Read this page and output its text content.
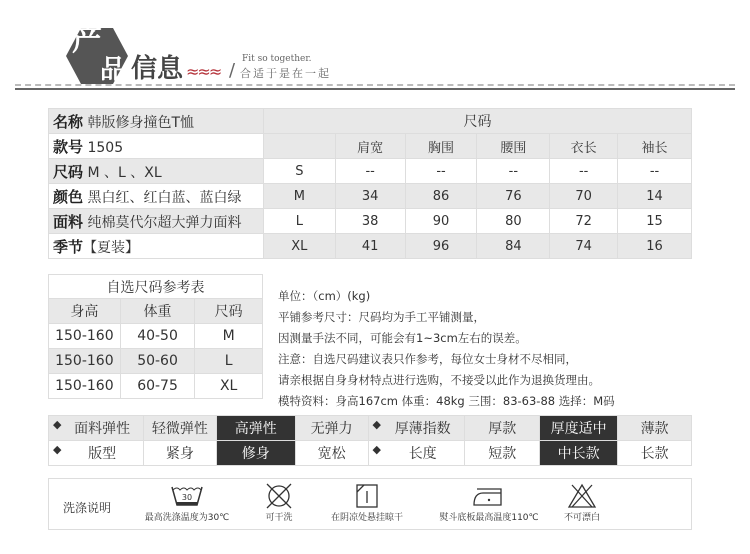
产
品 信息 ≈≈≈ /
Fit so together.
合适于是在一起
名称 韩版修身撞色T恤	尺码					
款号 1505		肩宽	胸围	腰围	衣长	袖长
尺码 M 、L 、XL	S	--	--	--	--	--
颜色 黑白红、红白蓝、蓝白绿	M	34	86	76	70	14
面料 纯棉莫代尔超大弹力面料	L	38	90	80	72	15
季节【夏装】	XL	41	96	84	74	16
自选尺码参考表		
身高	体重	尺码
150-160	40-50	M
150-160	50-60	L
150-160	60-75	XL
单位：（cm）(kg)
平铺参考尺寸：尺码均为手工平铺测量，
因测量手法不同，可能会有1~3cm左右的误差。
注意：自选尺码建议表只作参考，每位女士身材不尽相同，
请亲根据自身身材特点进行选购，不接受以此作为退换货理由。
模特资料：身高167cm 体重：48kg 三围：83-63-88 选择：M码
◆ 面料弹性	轻微弹性	高弹性	无弹力	◆ 厚薄指数	厚款	厚度适中	薄款

◆ 版型	紧身	修身	宽松	◆ 长度	短款	中长款	长款
洗涤说明
30
最高洗涤温度为30℃	可干洗	在阴凉处悬挂晾干	熨斗底板最高温度110℃	不可漂白
